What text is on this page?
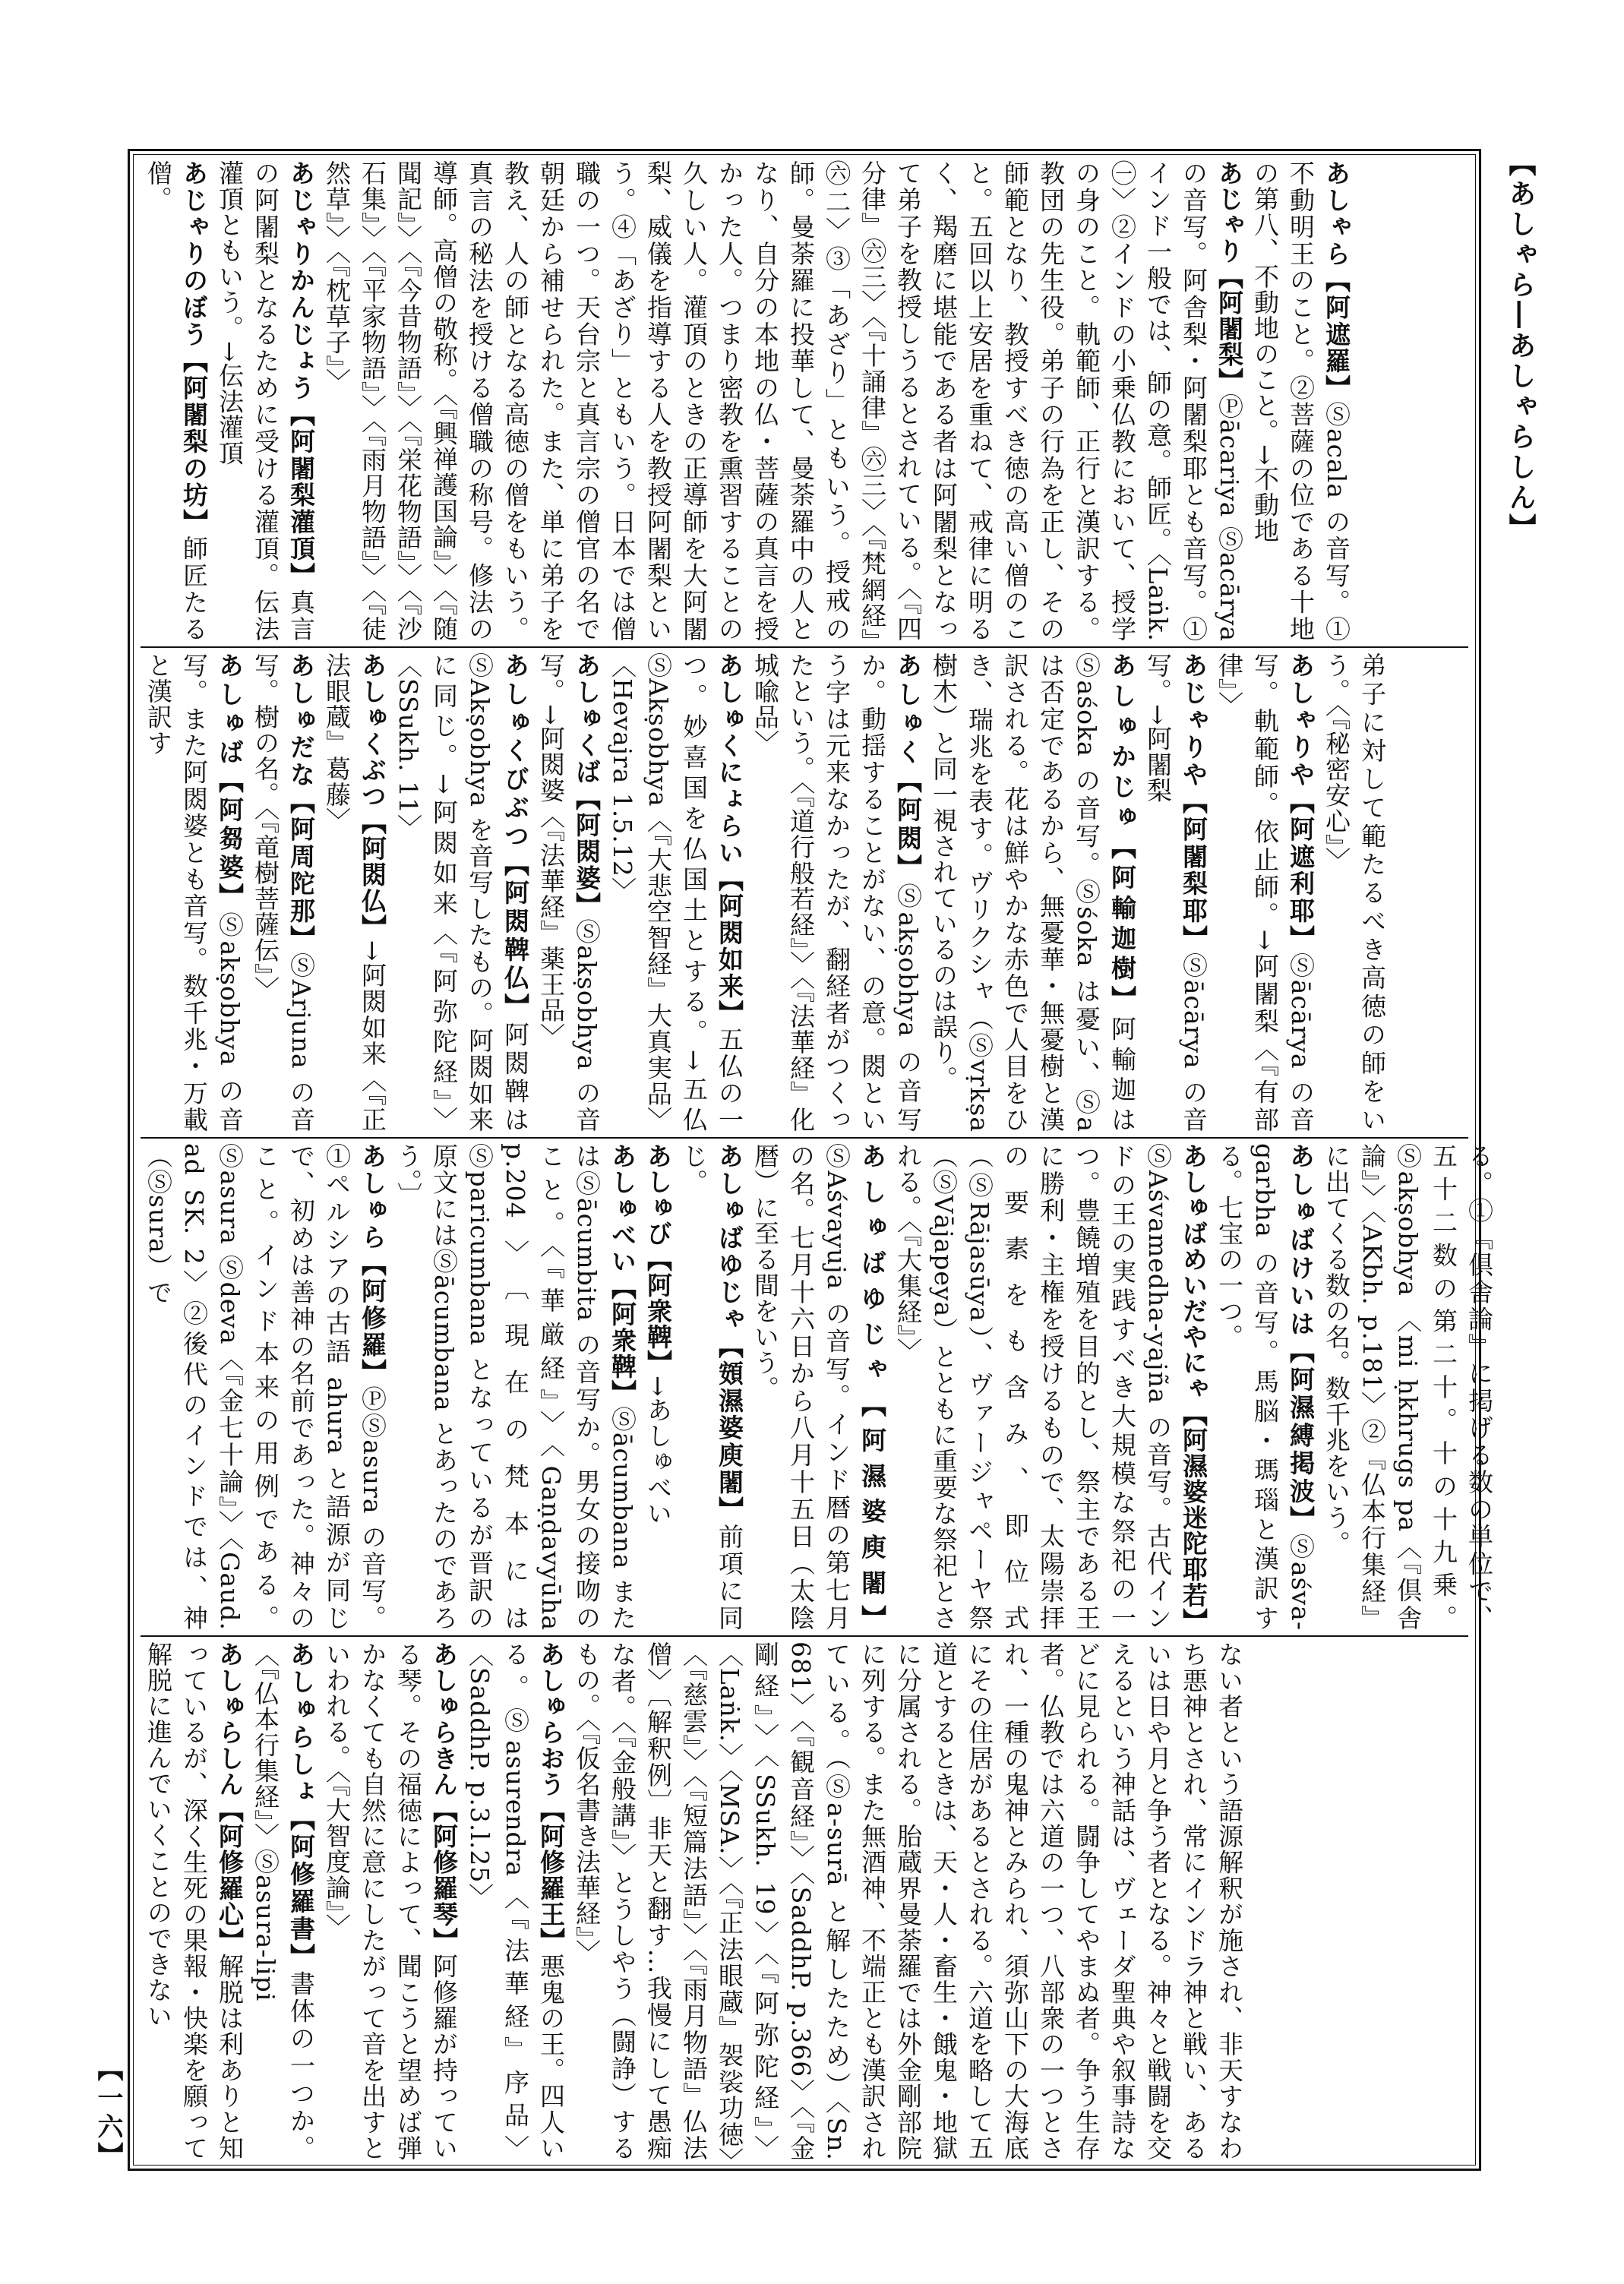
【あしゃら―あしゃらしん】
【一六】

あしゃら【阿遮羅】Ⓢacala の音写。①不動明王のこと。②菩薩の位である十地の第八、不動地のこと。→不動地

あじゃり【阿闍梨】Ⓟācariya Ⓢacārya の音写。阿舎梨・阿闍梨耶とも音写。①インド一般では、師の意。師匠。〈Laṅk.㊀〉②インドの小乗仏教において、授学の身のこと。軌範師、正行と漢訳する。教団の先生役。弟子の行為を正し、その師範となり、教授すべき徳の高い僧のこと。五回以上安居を重ねて、戒律に明るく、羯磨に堪能である者は阿闍梨となって弟子を教授しうるとされている。〈『四分律』㊅三〉〈『十誦律』㊅三〉〈『梵網経』㊅二〉③「あざり」ともいう。授戒の師。曼荼羅に投華して、曼荼羅中の人となり、自分の本地の仏・菩薩の真言を授かった人。つまり密教を熏習することの久しい人。灌頂のときの正導師を大阿闍梨、威儀を指導する人を教授阿闍梨という。④「あざり」ともいう。日本では僧職の一つ。天台宗と真言宗の僧官の名で朝廷から補せられた。また、単に弟子を教え、人の師となる高徳の僧をもいう。真言の秘法を授ける僧職の称号。修法の導師。高僧の敬称。〈『興禅護国論』〉〈『随聞記』〉〈『今昔物語』〉〈『栄花物語』〉〈『沙石集』〉〈『平家物語』〉〈『雨月物語』〉〈『徒然草』〉〈『枕草子』〉

あじゃりかんじょう【阿闍梨灌頂】真言の阿闍梨となるために受ける灌頂。伝法灌頂ともいう。→伝法灌頂

あじゃりのぼう【阿闍梨の坊】師匠たる僧。

弟子に対して範たるべき高徳の師をいう。〈『秘密安心』〉

あしゃりや【阿遮利耶】Ⓢācārya の音写。軌範師。依止師。→阿闍梨〈『有部律』〉

あじゃりや【阿闍梨耶】Ⓢācārya の音写。→阿闍梨

あしゅかじゅ【阿輸迦樹】阿輸迦はⓈaśoka の音写。Ⓢśoka は憂い、Ⓢa は否定であるから、無憂華・無憂樹と漢訳される。花は鮮やかな赤色で人目をひき、瑞兆を表す。ヴリクシャ（Ⓢvṛkṣa 樹木）と同一視されているのは誤り。

あしゅく【阿閦】Ⓢakṣobhya の音写か。動揺することがない、の意。閦という字は元来なかったが、翻経者がつくったという。〈『道行般若経』〉〈『法華経』化城喩品〉

あしゅくにょらい【阿閦如来】五仏の一つ。妙喜国を仏国土とする。→五仏 ⓈAkṣobhya〈『大悲空智経』大真実品〉〈Hevajra 1.5.12〉

あしゅくば【阿閦婆】Ⓢakṣobhya の音写。→阿閦婆〈『法華経』薬王品〉

あしゅくびぶつ【阿閦鞞仏】阿閦鞞はⓈAkṣobhya を音写したもの。阿閦如来に同じ。→阿閦如来〈『阿弥陀経』〉〈SSukh. 11〉

あしゅくぶつ【阿閦仏】→阿閦如来〈『正法眼蔵』葛藤〉

あしゅだな【阿周陀那】ⓈArjuna の音写。樹の名。〈『竜樹菩薩伝』〉

あしゅば【阿芻婆】Ⓢakṣobhya の音写。また阿閦婆とも音写。数千兆・万載と漢訳す

る。①『倶舎論』に掲げる数の単位で、五十二数の第二十。十の十九乗。Ⓢakṣobhya 〈mi ḥkhrugs pa〈『倶舎論』〉〈AKbh. p.181〉②『仏本行集経』に出てくる数の名。数千兆をいう。

あしゅばけいは【阿濕縛掲波】Ⓢaśva-garbha の音写。馬脳・瑪瑙と漢訳する。七宝の一つ。

あしゅばめいだやにゃ【阿濕婆迷陀耶若】ⓈAśvamedha-yajña の音写。古代インドの王の実践すべき大規模な祭祀の一つ。豊饒増殖を目的とし、祭主である王に勝利・主権を授けるもので、太陽崇拝の要素をも含み、即位式（ⓈRājasūya）、ヴァージャペーヤ祭（ⓈVājapeya）とともに重要な祭祀とされる。〈『大集経』〉

あしゅばゆじゃ【阿濕婆庾闍】ⓈAśvayuja の音写。インド暦の第七月の名。七月十六日から八月十五日（太陰暦）に至る間をいう。

あしゅばゆじゃ【頞濕婆庾闍】前項に同じ。

あしゅび【阿衆鞞】→あしゅべい

あしゅべい【阿衆鞞】Ⓢācumbana またはⓈācumbita の音写か。男女の接吻のこと。〈『華厳経』〉〈Gaṇḍavyūha p.204〉〔現在の梵本にはⓈparicumbana となっているが晋訳の原文にはⓈācumbana とあったのであろう。〕

あしゅら【阿修羅】ⓅⓈasura の音写。①ペルシアの古語 ahura と語源が同じで、初めは善神の名前であった。神々のこと。インド本来の用例である。Ⓢasura Ⓢdeva〈『金七十論』〉〈Gaud. ad SK. 2〉②後代のインドでは、神（Ⓢsura）で

ない者という語源解釈が施され、非天すなわち悪神とされ、常にインドラ神と戦い、あるいは日や月と争う者となる。神々と戦闘を交えるという神話は、ヴェーダ聖典や叙事詩などに見られる。闘争してやまぬ者。争う生存者。仏教では六道の一つ、八部衆の一つとされ、一種の鬼神とみられ、須弥山下の大海底にその住居があるとされる。六道を略して五道とするときは、天・人・畜生・餓鬼・地獄に分属される。胎蔵界曼荼羅では外金剛部院に列する。また無酒神、不端正とも漢訳されている。（Ⓢa-surā と解したため）〈Sn. 681〉〈『観音経』〉〈SaddhP. p.366〉〈『金剛経』〉〈SSukh. 19〉〈『阿弥陀経』〉〈Laṅk.〉〈MSA.〉〈『正法眼蔵』袈裟功徳〉〈『慈雲』〉〈『短篇法語』〉〈『雨月物語』仏法僧〉〔解釈例〕非天と翻す…我慢にして愚痴な者。〈『金般講』〉とうしやう（闘諍）するもの。〈『仮名書き法華経』〉

あしゅらおう【阿修羅王】悪鬼の王。四人いる。Ⓢasurendra〈『法華経』序品〉〈SaddhP. p.3.l.25〉

あしゅらきん【阿修羅琴】阿修羅が持っている琴。その福徳によって、聞こうと望めば弾かなくても自然に意にしたがって音を出すといわれる。〈『大智度論』〉

あしゅらしょ【阿修羅書】書体の一つか。〈『仏本行集経』〉Ⓢasura-lipi

あしゅらしん【阿修羅心】解脱は利ありと知っているが、深く生死の果報・快楽を願って解脱に進んでいくことのできない
